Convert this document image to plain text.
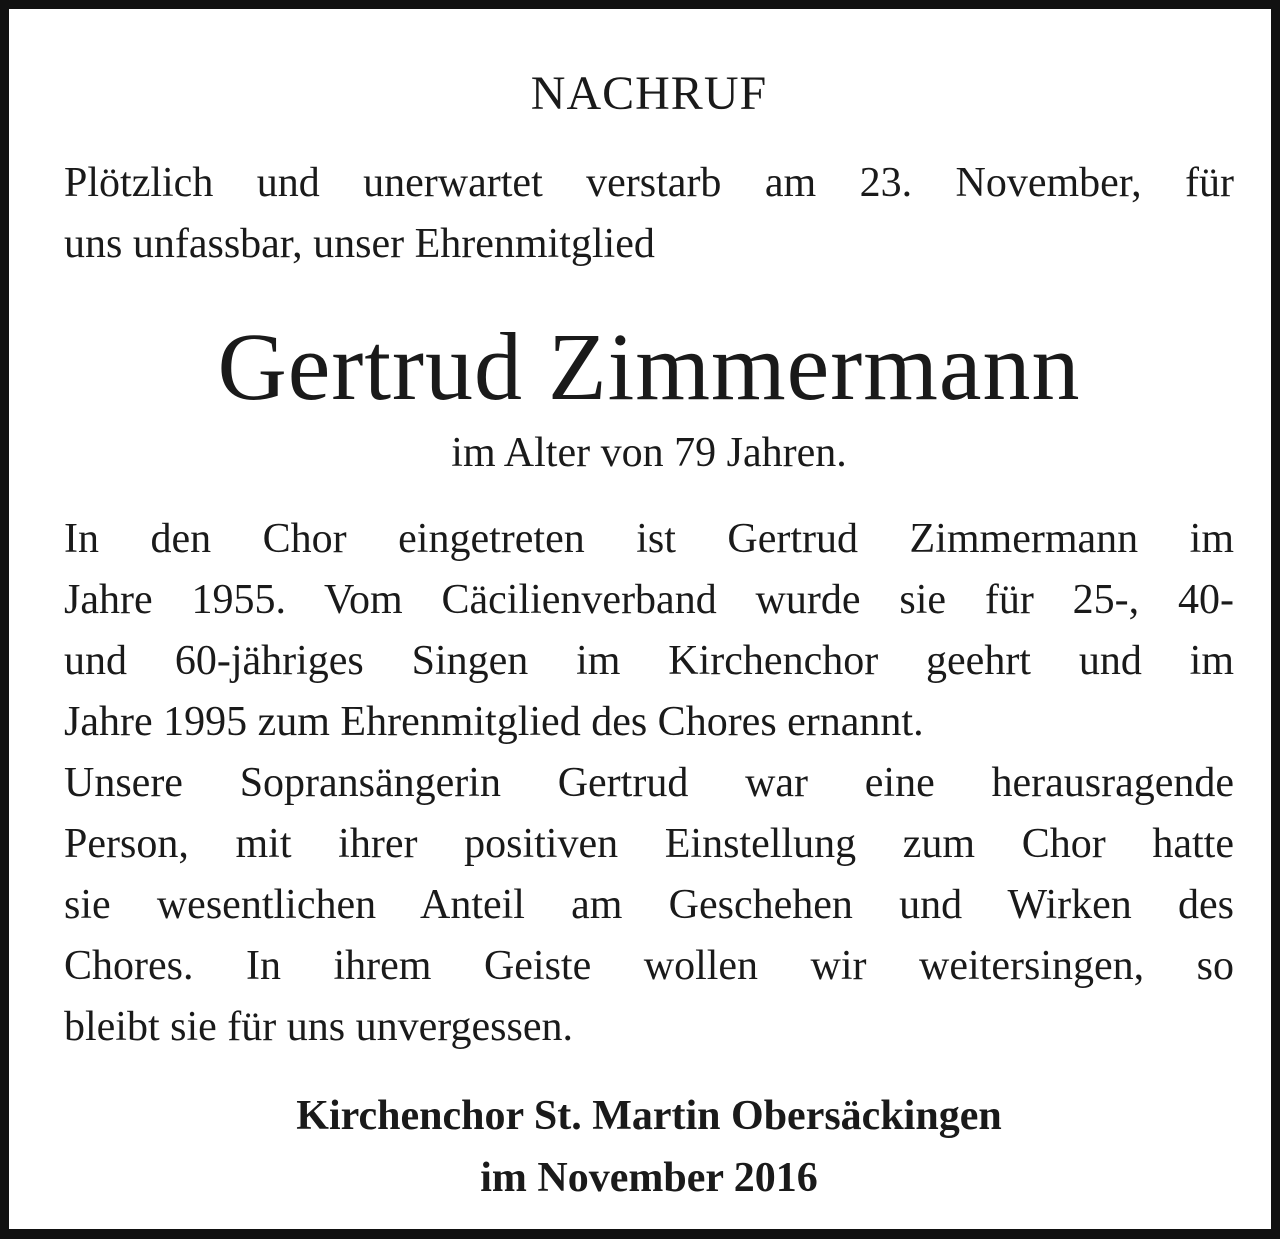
NACHRUF

Plötzlich und unerwartet verstarb am 23. November, für
uns unfassbar, unser Ehrenmitglied

Gertrud Zimmermann

im Alter von 79 Jahren.

In den Chor eingetreten ist Gertrud Zimmermann im
Jahre 1955. Vom Cäcilienverband wurde sie für 25-, 40-
und 60-jähriges Singen im Kirchenchor geehrt und im
Jahre 1995 zum Ehrenmitglied des Chores ernannt.
Unsere Sopransängerin Gertrud war eine herausragende
Person, mit ihrer positiven Einstellung zum Chor hatte
sie wesentlichen Anteil am Geschehen und Wirken des
Chores. In ihrem Geiste wollen wir weitersingen, so
bleibt sie für uns unvergessen.

Kirchenchor St. Martin Obersäckingen
im November 2016
